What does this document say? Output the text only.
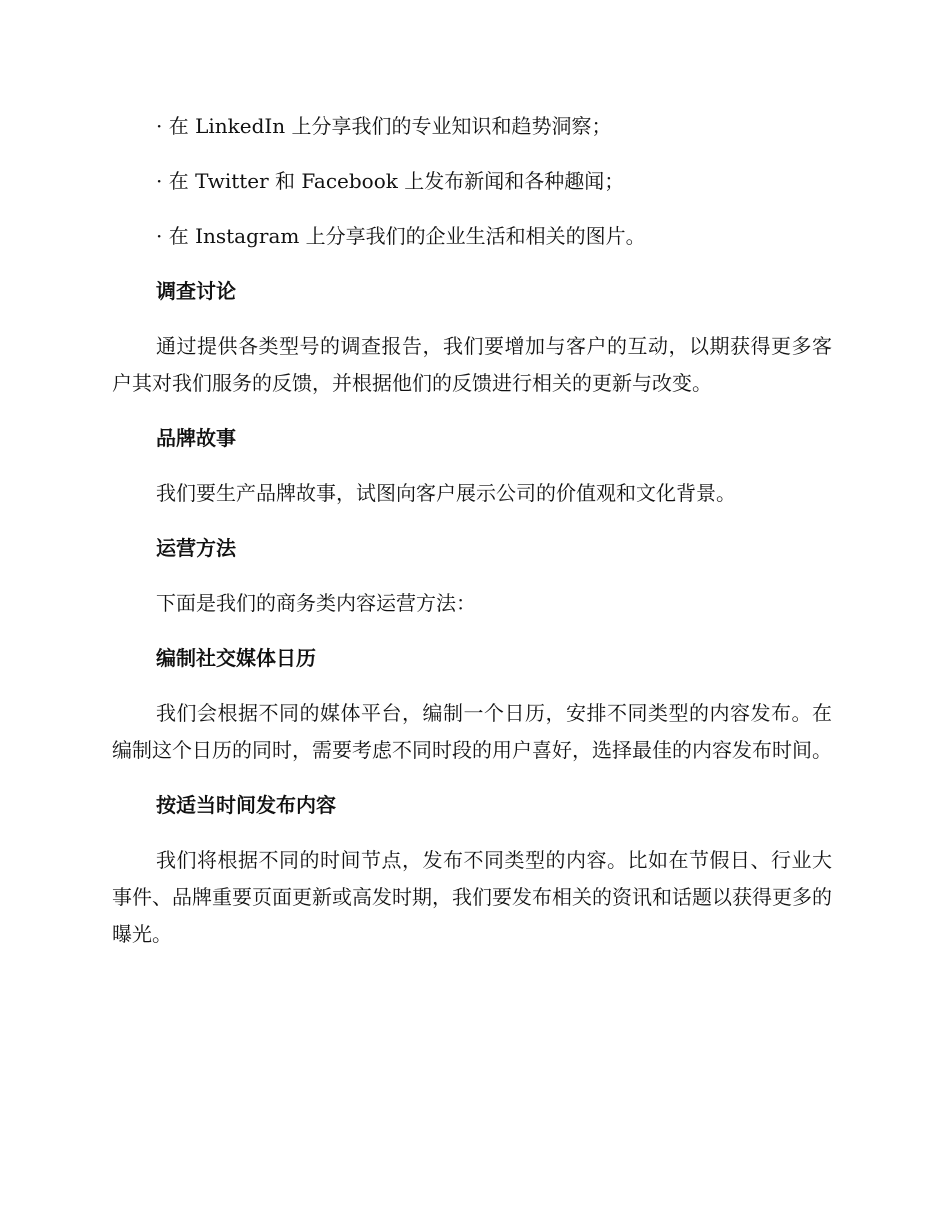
· 在 LinkedIn 上分享我们的专业知识和趋势洞察；
· 在 Twitter 和 Facebook 上发布新闻和各种趣闻；
· 在 Instagram 上分享我们的企业生活和相关的图片。
调查讨论
通过提供各类型号的调查报告，我们要增加与客户的互动，以期获得更多客户其对我们服务的反馈，并根据他们的反馈进行相关的更新与改变。
品牌故事
我们要生产品牌故事，试图向客户展示公司的价值观和文化背景。
运营方法
下面是我们的商务类内容运营方法：
编制社交媒体日历
我们会根据不同的媒体平台，编制一个日历，安排不同类型的内容发布。在编制这个日历的同时，需要考虑不同时段的用户喜好，选择最佳的内容发布时间。
按适当时间发布内容
我们将根据不同的时间节点，发布不同类型的内容。比如在节假日、行业大事件、品牌重要页面更新或高发时期，我们要发布相关的资讯和话题以获得更多的曝光。
